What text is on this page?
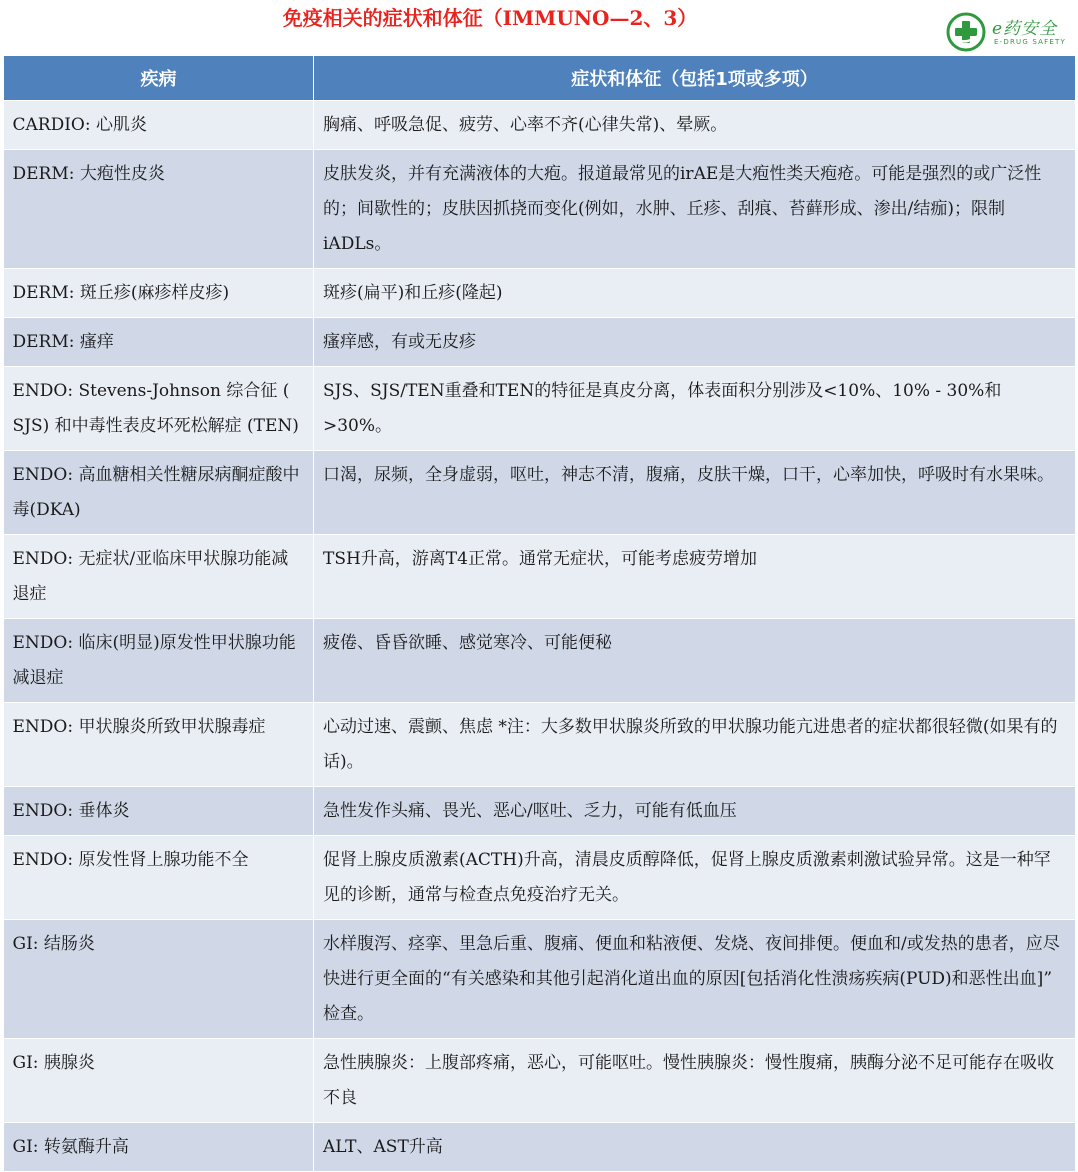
免疫相关的症状和体征（IMMUNO—2、3）	e药安全
E-DRUG SAFETY
疾病	症状和体征（包括1项或多项）
CARDIO: 心肌炎	胸痛、呼吸急促、疲劳、心率不齐(心律失常)、晕厥。
DERM: 大疱性皮炎	皮肤发炎，并有充满液体的大疱。报道最常见的irAE是大疱性类天疱疮。可能是强烈的或广泛性的；间歇性的；皮肤因抓挠而变化(例如，水肿、丘疹、刮痕、苔藓形成、渗出/结痂)；限制iADLs。
DERM: 斑丘疹(麻疹样皮疹)	斑疹(扁平)和丘疹(隆起)
DERM: 瘙痒	瘙痒感，有或无皮疹
ENDO: Stevens-Johnson 综合征 ( SJS) 和中毒性表皮坏死松解症 (TEN)	SJS、SJS/TEN重叠和TEN的特征是真皮分离，体表面积分别涉及<10%、10% - 30%和>30%。
ENDO: 高血糖相关性糖尿病酮症酸中毒(DKA)	口渴，尿频，全身虚弱，呕吐，神志不清，腹痛，皮肤干燥，口干，心率加快，呼吸时有水果味。
ENDO: 无症状/亚临床甲状腺功能减退症	TSH升高，游离T4正常。通常无症状，可能考虑疲劳增加
ENDO: 临床(明显)原发性甲状腺功能减退症	疲倦、昏昏欲睡、感觉寒冷、可能便秘
ENDO: 甲状腺炎所致甲状腺毒症	心动过速、震颤、焦虑 *注：大多数甲状腺炎所致的甲状腺功能亢进患者的症状都很轻微(如果有的话)。
ENDO: 垂体炎	急性发作头痛、畏光、恶心/呕吐、乏力，可能有低血压
ENDO: 原发性肾上腺功能不全	促肾上腺皮质激素(ACTH)升高，清晨皮质醇降低，促肾上腺皮质激素刺激试验异常。这是一种罕见的诊断，通常与检查点免疫治疗无关。
GI: 结肠炎	水样腹泻、痉挛、里急后重、腹痛、便血和粘液便、发烧、夜间排便。便血和/或发热的患者，应尽快进行更全面的“有关感染和其他引起消化道出血的原因[包括消化性溃疡疾病(PUD)和恶性出血]” 检查。
GI: 胰腺炎	急性胰腺炎：上腹部疼痛，恶心，可能呕吐。慢性胰腺炎：慢性腹痛，胰酶分泌不足可能存在吸收不良
GI: 转氨酶升高	ALT、AST升高
